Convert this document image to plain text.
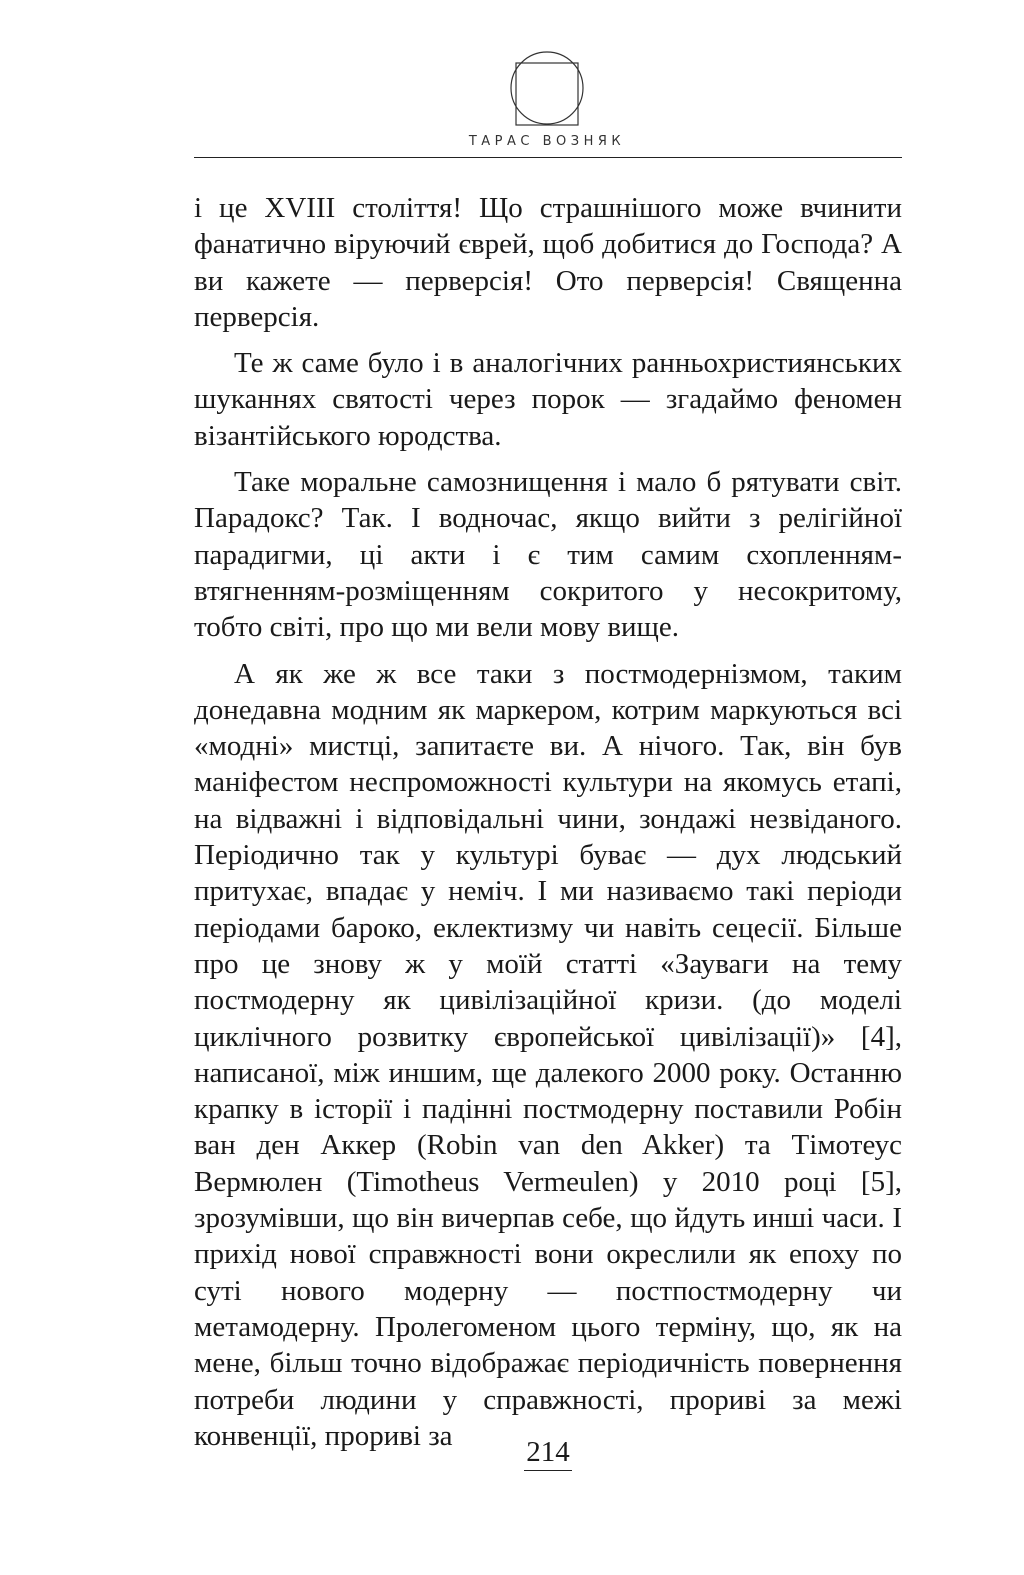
ТАРАС ВОЗНЯК

і це XVIII століття! Що страшнішого може вчинити фанатично віруючий єврей, щоб добитися до Господа? А ви кажете — перверсія! Ото перверсія! Священна перверсія.

Те ж саме було і в аналогічних ранньохристиянських шуканнях святості через порок — згадаймо феномен візантійського юродства.

Таке моральне самознищення і мало б рятувати світ. Парадокс? Так. І водночас, якщо вийти з релігійної парадигми, ці акти і є тим самим схопленням-втягненням-розміщенням сокритого у несокритому, тобто світі, про що ми вели мову вище.

А як же ж все таки з постмодернізмом, таким донедавна модним як маркером, котрим маркуються всі «модні» мистці, запитаєте ви. А нічого. Так, він був маніфестом неспроможності культури на якомусь етапі, на відважні і відповідальні чини, зондажі незвіданого. Періодично так у культурі буває — дух людський притухає, впадає у неміч. І ми називаємо такі періоди періодами бароко, еклектизму чи навіть сецесії. Більше про це знову ж у моїй статті «Зауваги на тему постмодерну як цивілізаційної кризи. (до моделі циклічного розвитку європейської цивілізації)» [4], написаної, між иншим, ще далекого 2000 року. Останню крапку в історії і падінні постмодерну поставили Робін ван ден Аккер (Robin van den Akker) та Тімотеус Вермюлен (Timotheus Vermeulen) у 2010 році [5], зрозумівши, що він вичерпав себе, що йдуть инші часи. І прихід нової справжності вони окреслили як епоху по суті нового модерну — постпостмодерну чи метамодерну. Пролегоменом цього терміну, що, як на мене, більш точно відображає періодичність повернення потреби людини у справжності, прориві за межі конвенції, прориві за

214
